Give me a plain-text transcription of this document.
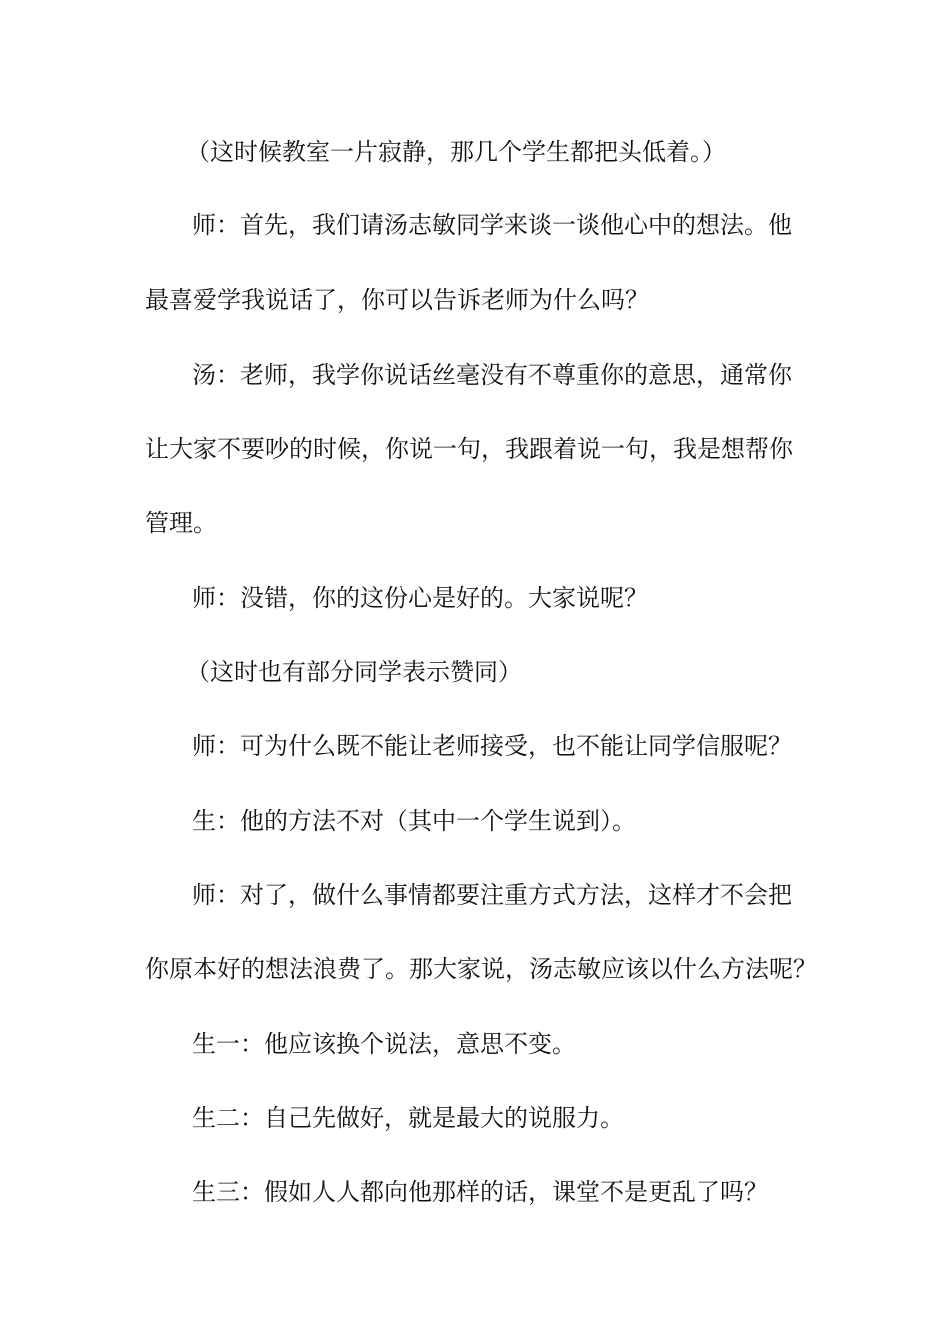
（这时候教室一片寂静，那几个学生都把头低着。）
师：首先，我们请汤志敏同学来谈一谈他心中的想法。他
最喜爱学我说话了，你可以告诉老师为什么吗？
汤：老师，我学你说话丝毫没有不尊重你的意思，通常你
让大家不要吵的时候，你说一句，我跟着说一句，我是想帮你
管理。
师：没错，你的这份心是好的。大家说呢？
（这时也有部分同学表示赞同）
师：可为什么既不能让老师接受，也不能让同学信服呢？
生：他的方法不对（其中一个学生说到）。
师：对了，做什么事情都要注重方式方法，这样才不会把
你原本好的想法浪费了。那大家说，汤志敏应该以什么方法呢？
生一：他应该换个说法，意思不变。
生二：自己先做好，就是最大的说服力。
生三：假如人人都向他那样的话，课堂不是更乱了吗？
